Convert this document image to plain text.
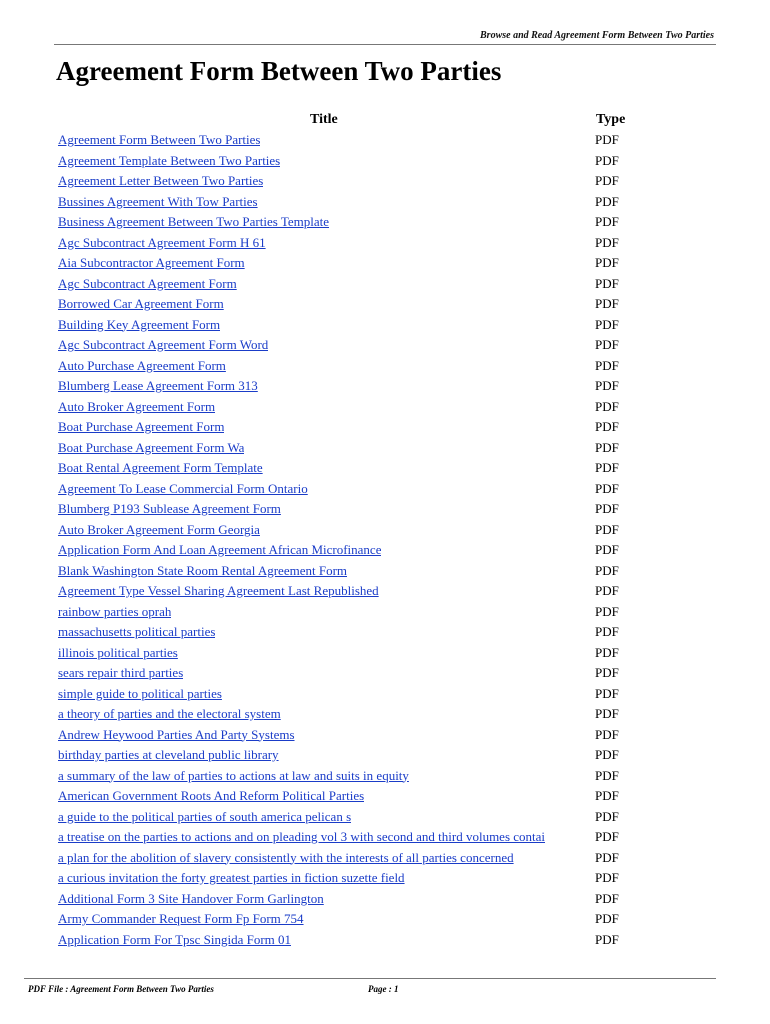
Browse and Read Agreement Form Between Two Parties
Agreement Form Between Two Parties
Title	Type
Agreement Form Between Two Parties	PDF
Agreement Template Between Two Parties	PDF
Agreement Letter Between Two Parties	PDF
Bussines Agreement With Tow Parties	PDF
Business Agreement Between Two Parties Template	PDF
Agc Subcontract Agreement Form H 61	PDF
Aia Subcontractor Agreement Form	PDF
Agc Subcontract Agreement Form	PDF
Borrowed Car Agreement Form	PDF
Building Key Agreement Form	PDF
Agc Subcontract Agreement Form Word	PDF
Auto Purchase Agreement Form	PDF
Blumberg Lease Agreement Form 313	PDF
Auto Broker Agreement Form	PDF
Boat Purchase Agreement Form	PDF
Boat Purchase Agreement Form Wa	PDF
Boat Rental Agreement Form Template	PDF
Agreement To Lease Commercial Form Ontario	PDF
Blumberg P193 Sublease Agreement Form	PDF
Auto Broker Agreement Form Georgia	PDF
Application Form And Loan Agreement African Microfinance	PDF
Blank Washington State Room Rental Agreement Form	PDF
Agreement Type Vessel Sharing Agreement Last Republished	PDF
rainbow parties oprah	PDF
massachusetts political parties	PDF
illinois political parties	PDF
sears repair third parties	PDF
simple guide to political parties	PDF
a theory of parties and the electoral system	PDF
Andrew Heywood Parties And Party Systems	PDF
birthday parties at cleveland public library	PDF
a summary of the law of parties to actions at law and suits in equity	PDF
American Government Roots And Reform Political Parties	PDF
a guide to the political parties of south america pelican s	PDF
a treatise on the parties to actions and on pleading vol 3 with second and third volumes contai	PDF
a plan for the abolition of slavery consistently with the interests of all parties concerned	PDF
a curious invitation the forty greatest parties in fiction suzette field	PDF
Additional Form 3 Site Handover Form Garlington	PDF
Army Commander Request Form Fp Form 754	PDF
Application Form For Tpsc Singida Form 01	PDF
PDF File : Agreement Form Between Two Parties	Page : 1
